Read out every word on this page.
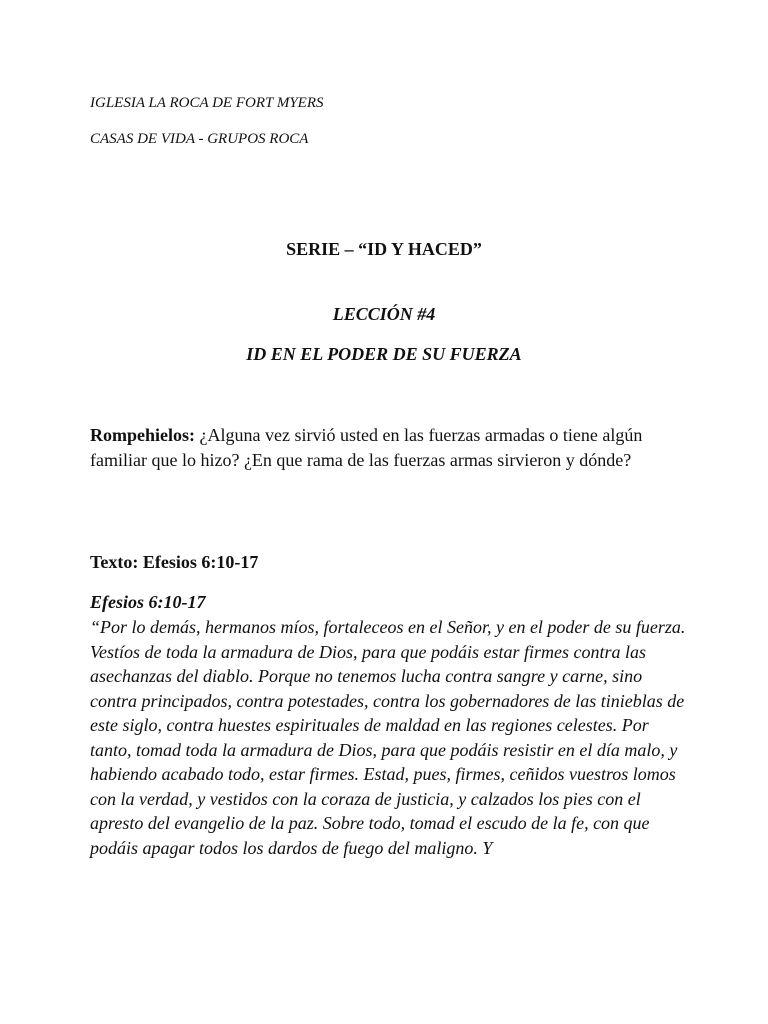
IGLESIA LA ROCA DE FORT MYERS
CASAS DE VIDA - GRUPOS ROCA
SERIE – “ID Y HACED”
LECCIÓN #4
ID EN EL PODER DE SU FUERZA
Rompehielos: ¿Alguna vez sirvió usted en las fuerzas armadas o tiene algún familiar que lo hizo? ¿En que rama de las fuerzas armas sirvieron y dónde?
Texto: Efesios 6:10-17
Efesios 6:10-17
“Por lo demás, hermanos míos, fortaleceos en el Señor, y en el poder de su fuerza. Vestíos de toda la armadura de Dios, para que podáis estar firmes contra las asechanzas del diablo. Porque no tenemos lucha contra sangre y carne, sino contra principados, contra potestades, contra los gobernadores de las tinieblas de este siglo, contra huestes espirituales de maldad en las regiones celestes. Por tanto, tomad toda la armadura de Dios, para que podáis resistir en el día malo, y habiendo acabado todo, estar firmes. Estad, pues, firmes, ceñidos vuestros lomos con la verdad, y vestidos con la coraza de justicia, y calzados los pies con el apresto del evangelio de la paz. Sobre todo, tomad el escudo de la fe, con que podáis apagar todos los dardos de fuego del maligno. Y
